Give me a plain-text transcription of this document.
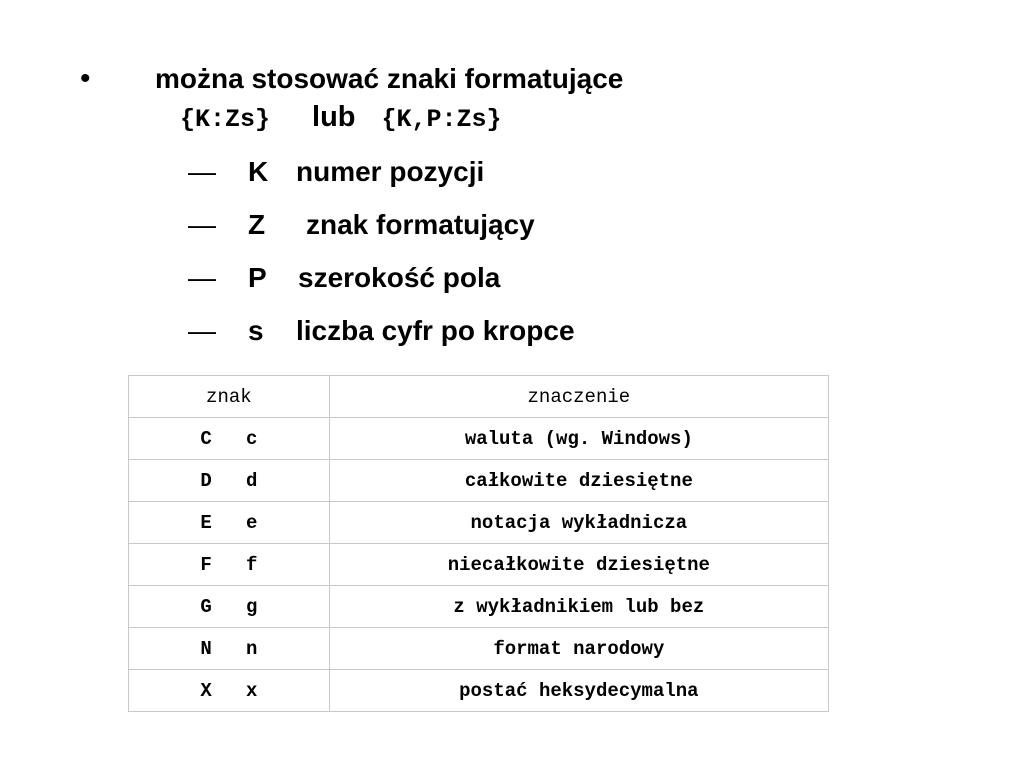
• można stosować znaki formatujące
{K:Zs} lub {K,P:Zs}
— K numer pozycji
— Z znak formatujący
— P szerokość pola
— s liczba cyfr po kropce
znak	znaczenie
C   c	waluta (wg. Windows)
D   d	całkowite dziesiętne
E   e	notacja wykładnicza
F   f	niecałkowite dziesiętne
G   g	z wykładnikiem lub bez
N   n	format narodowy
X   x	postać heksydecymalna
